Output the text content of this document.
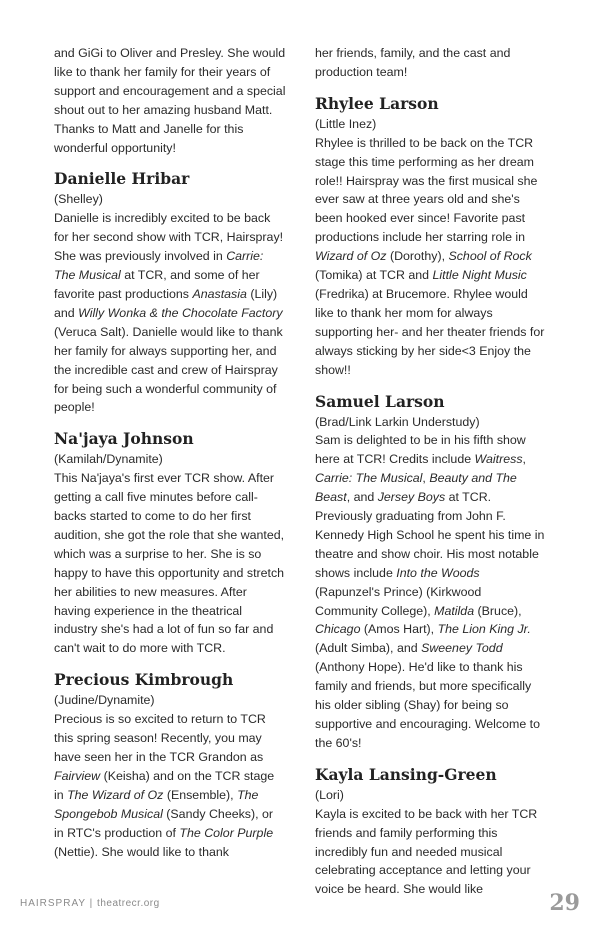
and GiGi to Oliver and Presley. She would like to thank her family for their years of support and encouragement and a special shout out to her amazing husband Matt. Thanks to Matt and Janelle for this wonderful opportunity!

Danielle Hribar

(Shelley)
Danielle is incredibly excited to be back for her second show with TCR, Hairspray! She was previously involved in Carrie: The Musical at TCR, and some of her favorite past productions Anastasia (Lily) and Willy Wonka & the Chocolate Factory (Veruca Salt). Danielle would like to thank her family for always supporting her, and the incredible cast and crew of Hairspray for being such a wonderful community of people!

Na'jaya Johnson

(Kamilah/Dynamite)
This Na'jaya's first ever TCR show. After getting a call five minutes before call-backs started to come to do her first audition, she got the role that she wanted, which was a surprise to her. She is so happy to have this opportunity and stretch her abilities to new measures. After having experience in the theatrical industry she's had a lot of fun so far and can't wait to do more with TCR.

Precious Kimbrough

(Judine/Dynamite)
Precious is so excited to return to TCR this spring season! Recently, you may have seen her in the TCR Grandon as Fairview (Keisha) and on the TCR stage in The Wizard of Oz (Ensemble), The Spongebob Musical (Sandy Cheeks), or in RTC's production of The Color Purple (Nettie). She would like to thank

her friends, family, and the cast and production team!

Rhylee Larson

(Little Inez)
Rhylee is thrilled to be back on the TCR stage this time performing as her dream role!! Hairspray was the first musical she ever saw at three years old and she's been hooked ever since! Favorite past productions include her starring role in Wizard of Oz (Dorothy), School of Rock (Tomika) at TCR and Little Night Music (Fredrika) at Brucemore. Rhylee would like to thank her mom for always supporting her- and her theater friends for always sticking by her side<3 Enjoy the show!!

Samuel Larson

(Brad/Link Larkin Understudy)
Sam is delighted to be in his fifth show here at TCR! Credits include Waitress, Carrie: The Musical, Beauty and The Beast, and Jersey Boys at TCR. Previously graduating from John F. Kennedy High School he spent his time in theatre and show choir. His most notable shows include Into the Woods (Rapunzel's Prince) (Kirkwood Community College), Matilda (Bruce), Chicago (Amos Hart), The Lion King Jr. (Adult Simba), and Sweeney Todd (Anthony Hope). He'd like to thank his family and friends, but more specifically his older sibling (Shay) for being so supportive and encouraging. Welcome to the 60's!

Kayla Lansing-Green

(Lori)
Kayla is excited to be back with her TCR friends and family performing this incredibly fun and needed musical celebrating acceptance and letting your voice be heard. She would like

HAIRSPRAY | theatrecr.org	29
